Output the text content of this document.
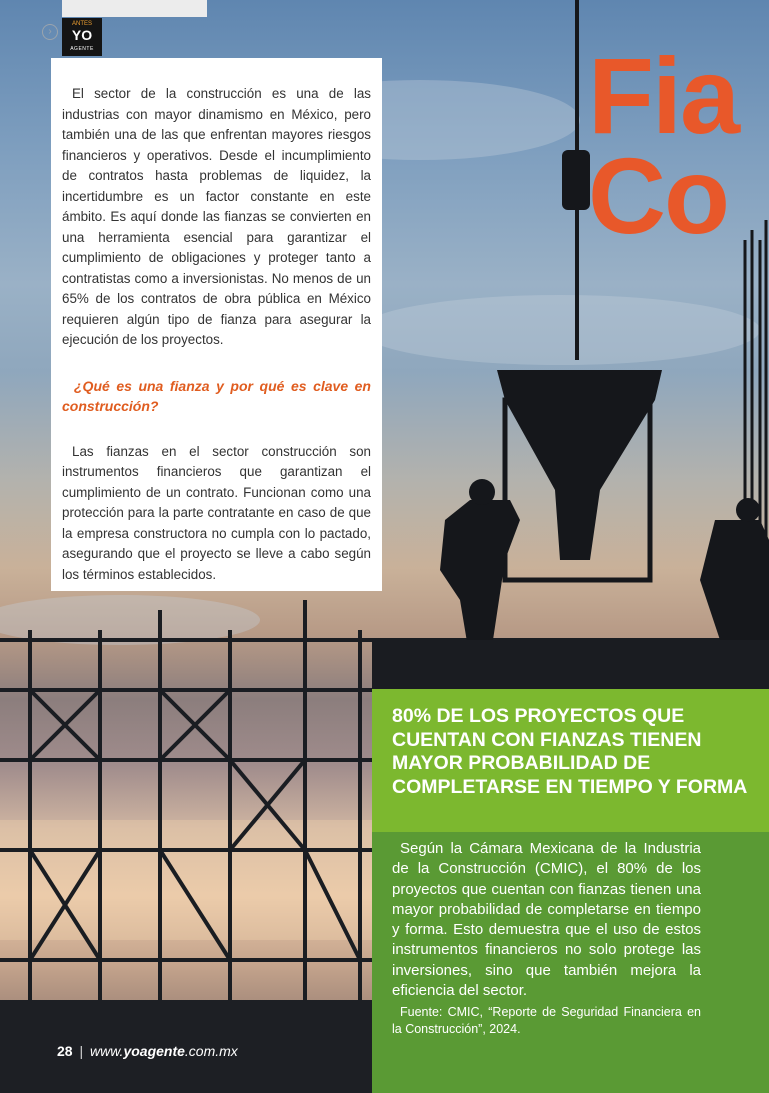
›
ANTES
YO
AGENTE	Fia
Co

El sector de la construcción es una de las industrias con mayor dinamismo en México, pero también una de las que enfrentan mayores riesgos financieros y operativos. Desde el incumplimiento de contratos hasta problemas de liquidez, la incertidumbre es un factor constante en este ámbito. Es aquí donde las fianzas se convierten en una herramienta esencial para garantizar el cumplimiento de obligaciones y proteger tanto a contratistas como a inversionistas. No menos de un 65% de los contratos de obra pública en México requieren algún tipo de fianza para asegurar la ejecución de los proyectos.

¿Qué es una fianza y por qué es clave en construcción?

Las fianzas en el sector construcción son instrumentos financieros que garantizan el cumplimiento de un contrato. Funcionan como una protección para la parte contratante en caso de que la empresa constructora no cumpla con lo pactado, asegurando que el proyecto se lleve a cabo según los términos establecidos.

80% DE LOS PROYECTOS QUE CUENTAN CON FIANZAS TIENEN MAYOR PROBABILIDAD DE COMPLETARSE EN TIEMPO Y FORMA

Según la Cámara Mexicana de la Industria de la Construcción (CMIC), el 80% de los proyectos que cuentan con fianzas tienen una mayor probabilidad de completarse en tiempo y forma. Esto demuestra que el uso de estos instrumentos financieros no solo protege las inversiones, sino que también mejora la eficiencia del sector.

Fuente: CMIC, “Reporte de Seguridad Financiera en la Construcción”, 2024.

28 | www.yoagente.com.mx
